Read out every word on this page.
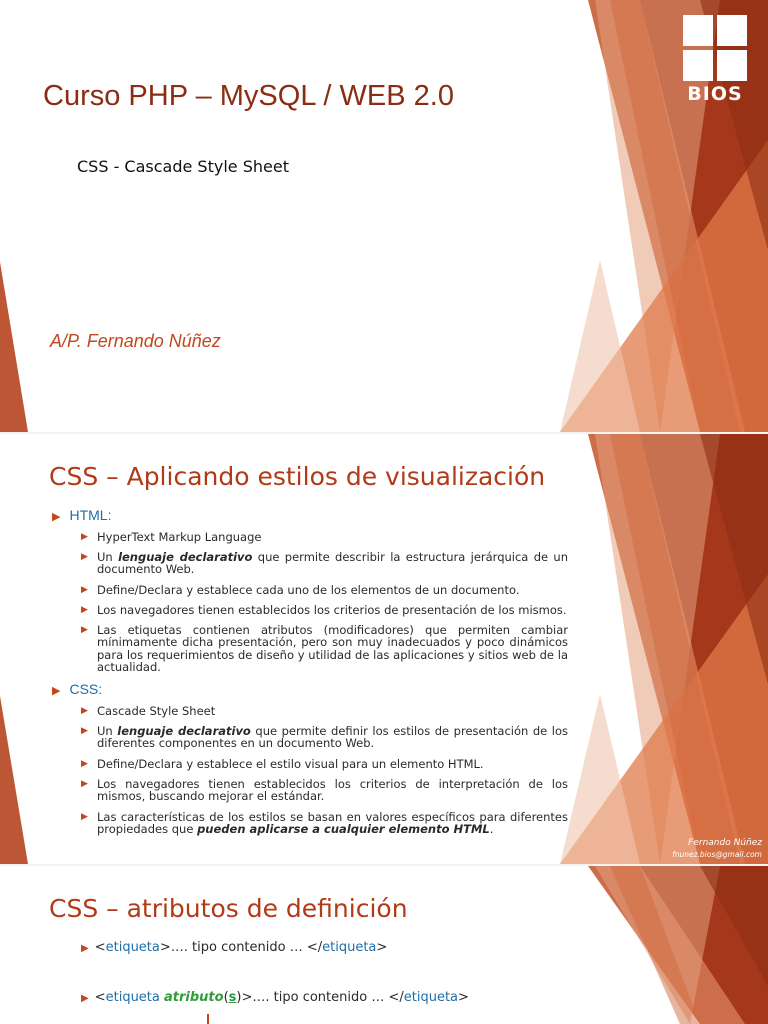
Curso PHP – MySQL / WEB 2.0
CSS - Cascade Style Sheet
A/P. Fernando Núñez
BIOS
CSS – Aplicando estilos de visualización
▶ HTML:
▶ HyperText Markup Language
▶ Un lenguaje declarativo que permite describir la estructura jerárquica de un documento Web.
▶ Define/Declara y establece cada uno de los elementos de un documento.
▶ Los navegadores tienen establecidos los criterios de presentación de los mismos.
▶ Las etiquetas contienen atributos (modificadores) que permiten cambiar mínimamente dicha presentación, pero son muy inadecuados y poco dinámicos para los requerimientos de diseño y utilidad de las aplicaciones y sitios web de la actualidad.
▶ CSS:
▶ Cascade Style Sheet
▶ Un lenguaje declarativo que permite definir los estilos de presentación de los diferentes componentes en un documento Web.
▶ Define/Declara y establece el estilo visual para un elemento HTML.
▶ Los navegadores tienen establecidos los criterios de interpretación de los mismos, buscando mejorar el estándar.
▶ Las características de los estilos se basan en valores específicos para diferentes propiedades que pueden aplicarse a cualquier elemento HTML.
Fernando Núñez
fnunez.bios@gmail.com
CSS – atributos de definición
▶ <etiqueta>…. tipo contenido … </etiqueta>
▶ <etiqueta atributo(s)>…. tipo contenido … </etiqueta>
